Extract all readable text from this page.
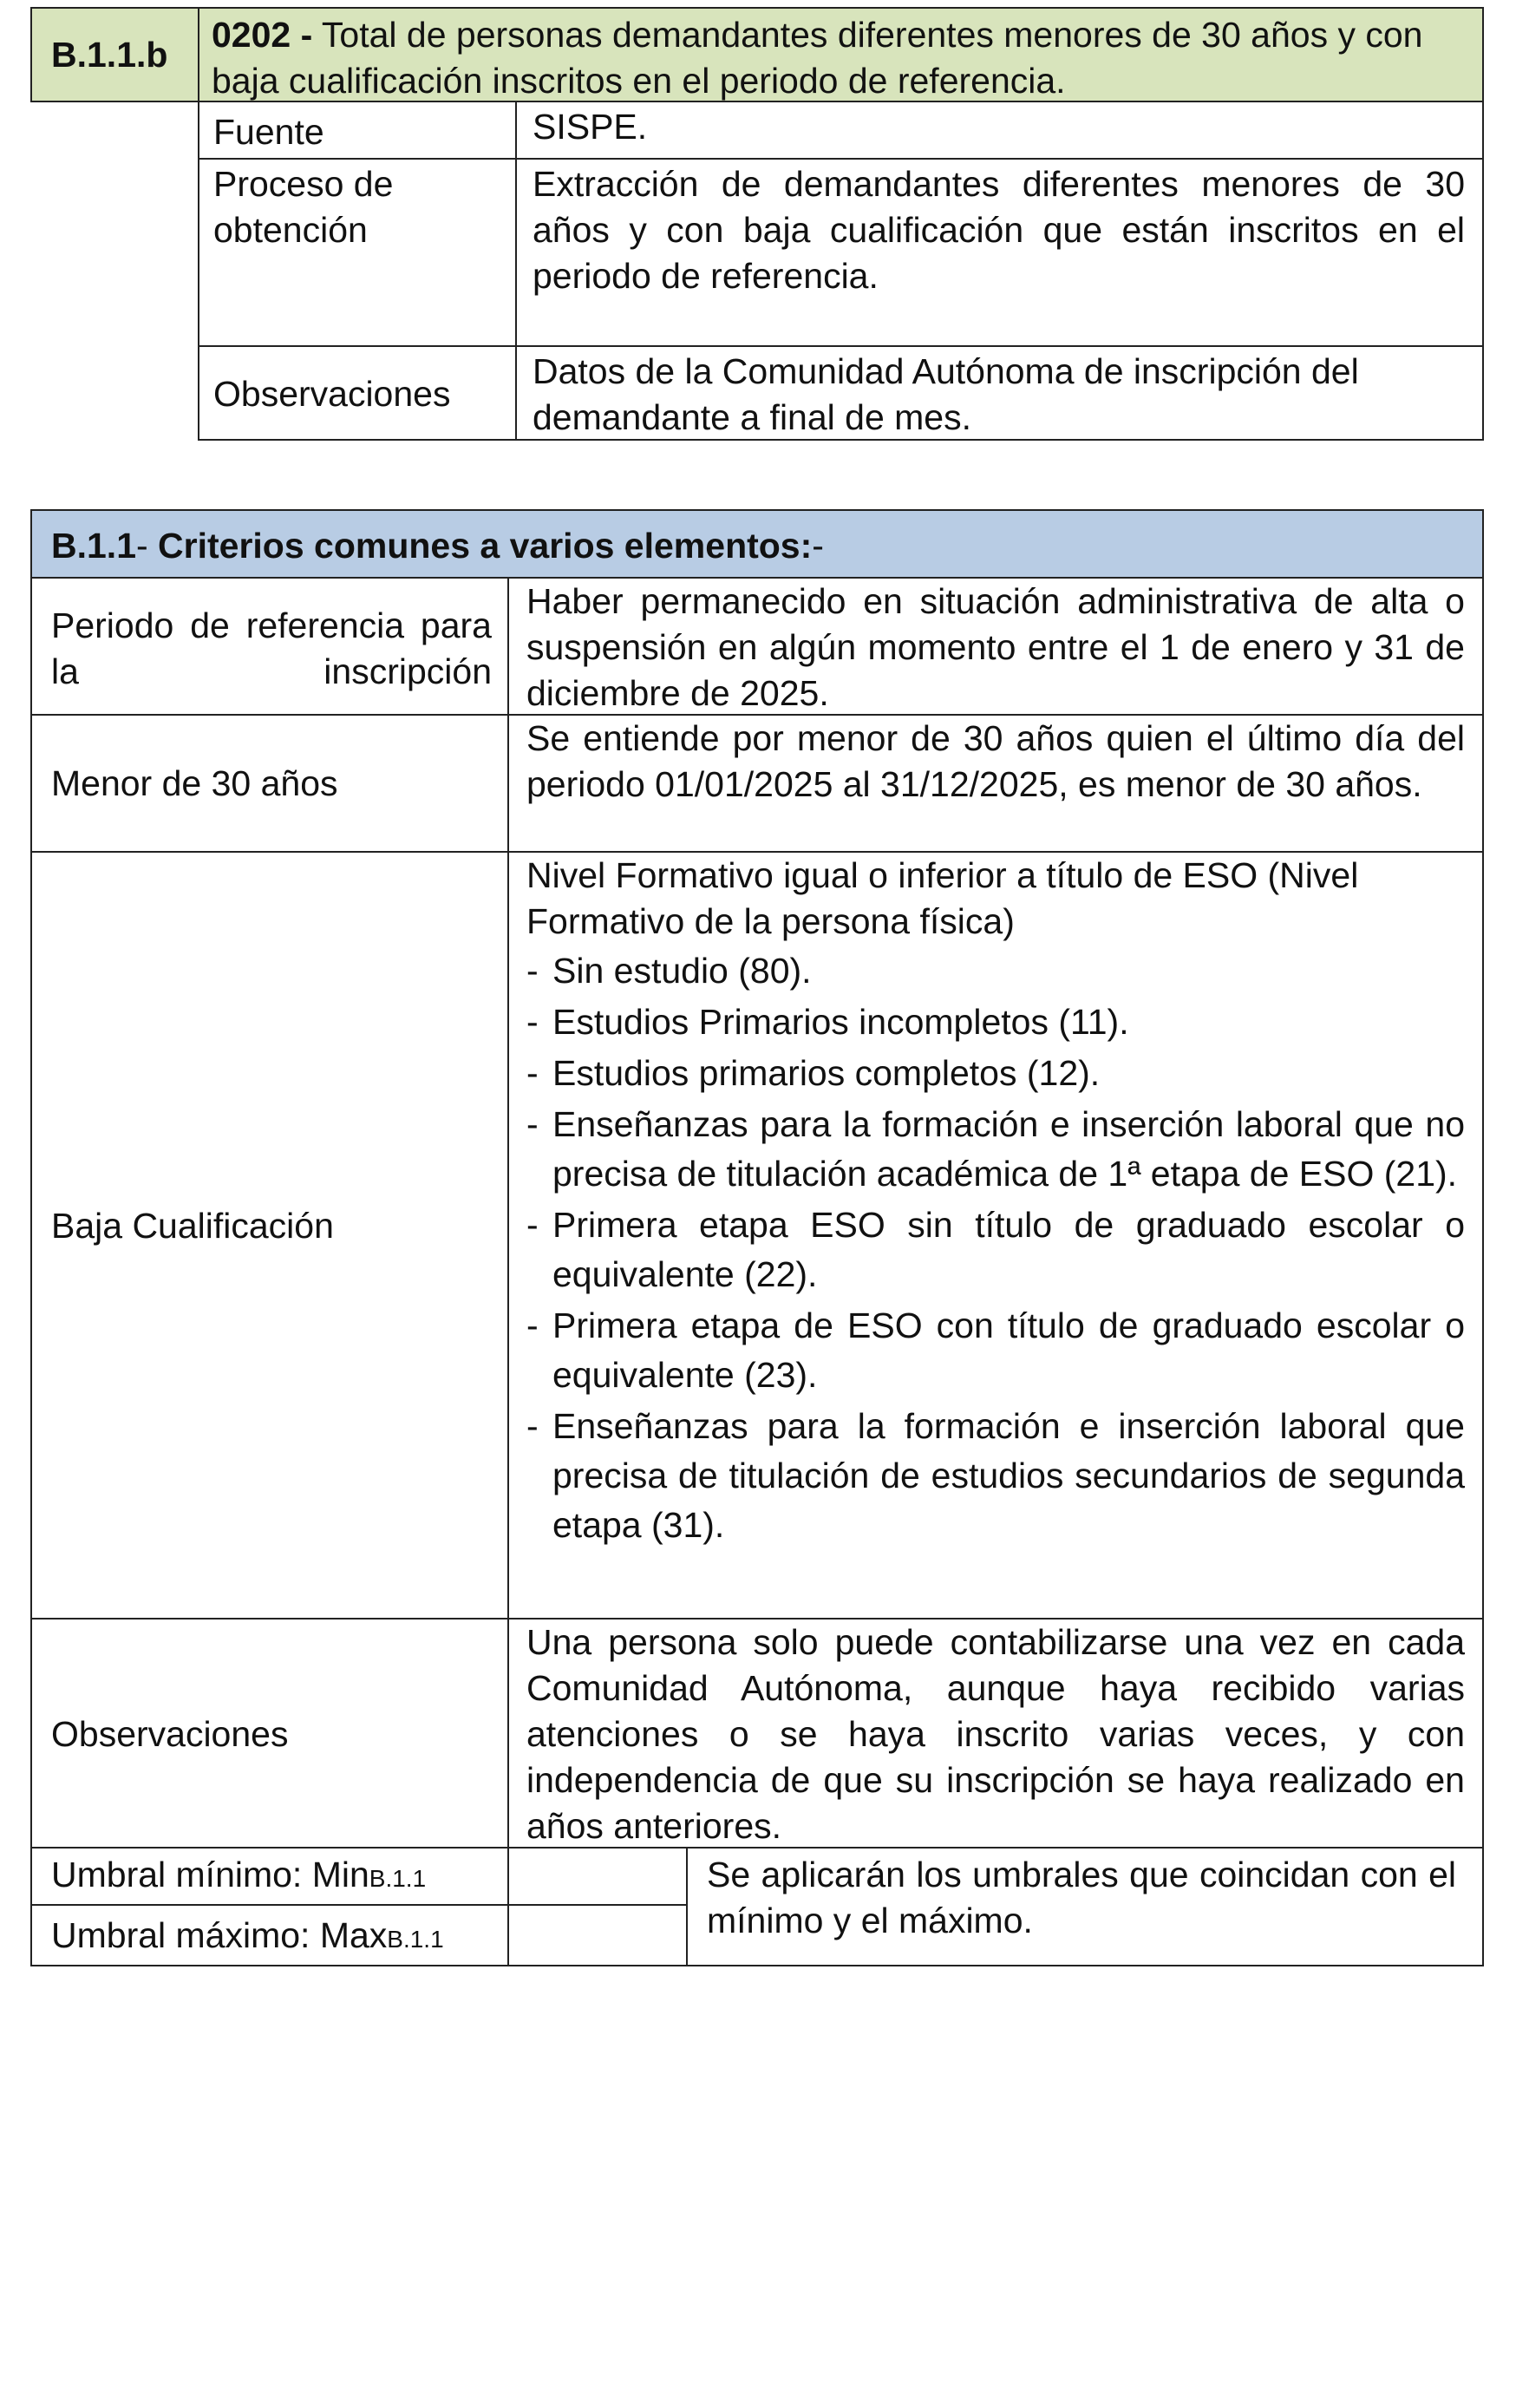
B.1.1.b 0202 - Total de personas demandantes diferentes menores de 30 años y con baja cualificación inscritos en el periodo de referencia.
Fuente	SISPE.
Proceso de obtención
Extracción de demandantes diferentes menores de 30 años y con baja cualificación que están inscritos en el periodo de referencia.
Observaciones
Datos de la Comunidad Autónoma de inscripción del demandante a final de mes.
B.1.1- Criterios comunes a varios elementos:-
Periodo de referencia para la inscripción
Haber permanecido en situación administrativa de alta o suspensión en algún momento entre el 1 de enero y 31 de diciembre de 2025.
Menor de 30 años
Se entiende por menor de 30 años quien el último día del periodo 01/01/2025 al 31/12/2025, es menor de 30 años.
Baja Cualificación
Nivel Formativo igual o inferior a título de ESO (Nivel Formativo de la persona física)
- Sin estudio (80).
- Estudios Primarios incompletos (11).
- Estudios primarios completos (12).
- Enseñanzas para la formación e inserción laboral que no precisa de titulación académica de 1ª etapa de ESO (21).
- Primera etapa ESO sin título de graduado escolar o equivalente (22).
- Primera etapa de ESO con título de graduado escolar o equivalente (23).
- Enseñanzas para la formación e inserción laboral que precisa de titulación de estudios secundarios de segunda etapa (31).
Observaciones
Una persona solo puede contabilizarse una vez en cada Comunidad Autónoma, aunque haya recibido varias atenciones o se haya inscrito varias veces, y con independencia de que su inscripción se haya realizado en años anteriores.
Umbral mínimo: MinB.1.1
Umbral máximo: MaxB.1.1
Se aplicarán los umbrales que coincidan con el mínimo y el máximo.
